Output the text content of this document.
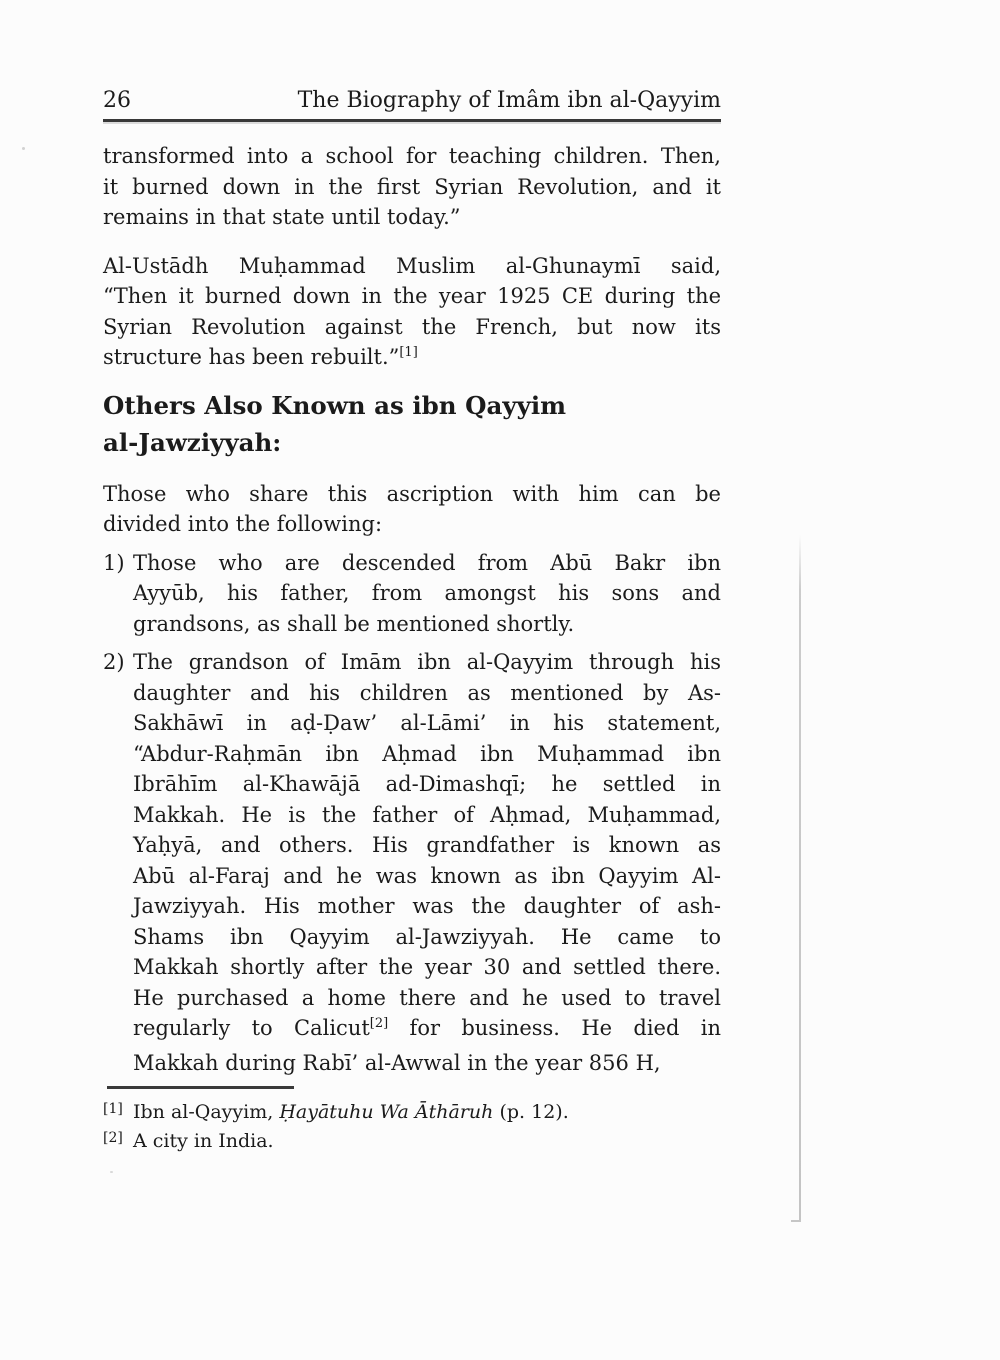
26	The Biography of Imâm ibn al-Qayyim
transformed into a school for teaching children. Then,
it burned down in the first Syrian Revolution, and it
remains in that state until today.”
Al-Ustādh Muḥammad Muslim al-Ghunaymī said,
“Then it burned down in the year 1925 CE during the
Syrian Revolution against the French, but now its
structure has been rebuilt.”[1]
Others Also Known as ibn Qayyim
al-Jawziyyah:
Those who share this ascription with him can be
divided into the following:
1) Those who are descended from Abū Bakr ibn
Ayyūb, his father, from amongst his sons and
grandsons, as shall be mentioned shortly.
2) The grandson of Imām ibn al-Qayyim through his
daughter and his children as mentioned by As-
Sakhāwī in aḍ-Ḍaw’ al-Lāmi’ in his statement,
“Abdur-Raḥmān ibn Aḥmad ibn Muḥammad ibn
Ibrāhīm al-Khawājā ad-Dimashqī; he settled in
Makkah. He is the father of Aḥmad, Muḥammad,
Yaḥyā, and others. His grandfather is known as
Abū al-Faraj and he was known as ibn Qayyim Al-
Jawziyyah. His mother was the daughter of ash-
Shams ibn Qayyim al-Jawziyyah. He came to
Makkah shortly after the year 30 and settled there.
He purchased a home there and he used to travel
regularly to Calicut[2] for business. He died in
Makkah during Rabī’ al-Awwal in the year 856 H,
[1] Ibn al-Qayyim, Ḥayātuhu Wa Āthāruh (p. 12).
[2] A city in India.
